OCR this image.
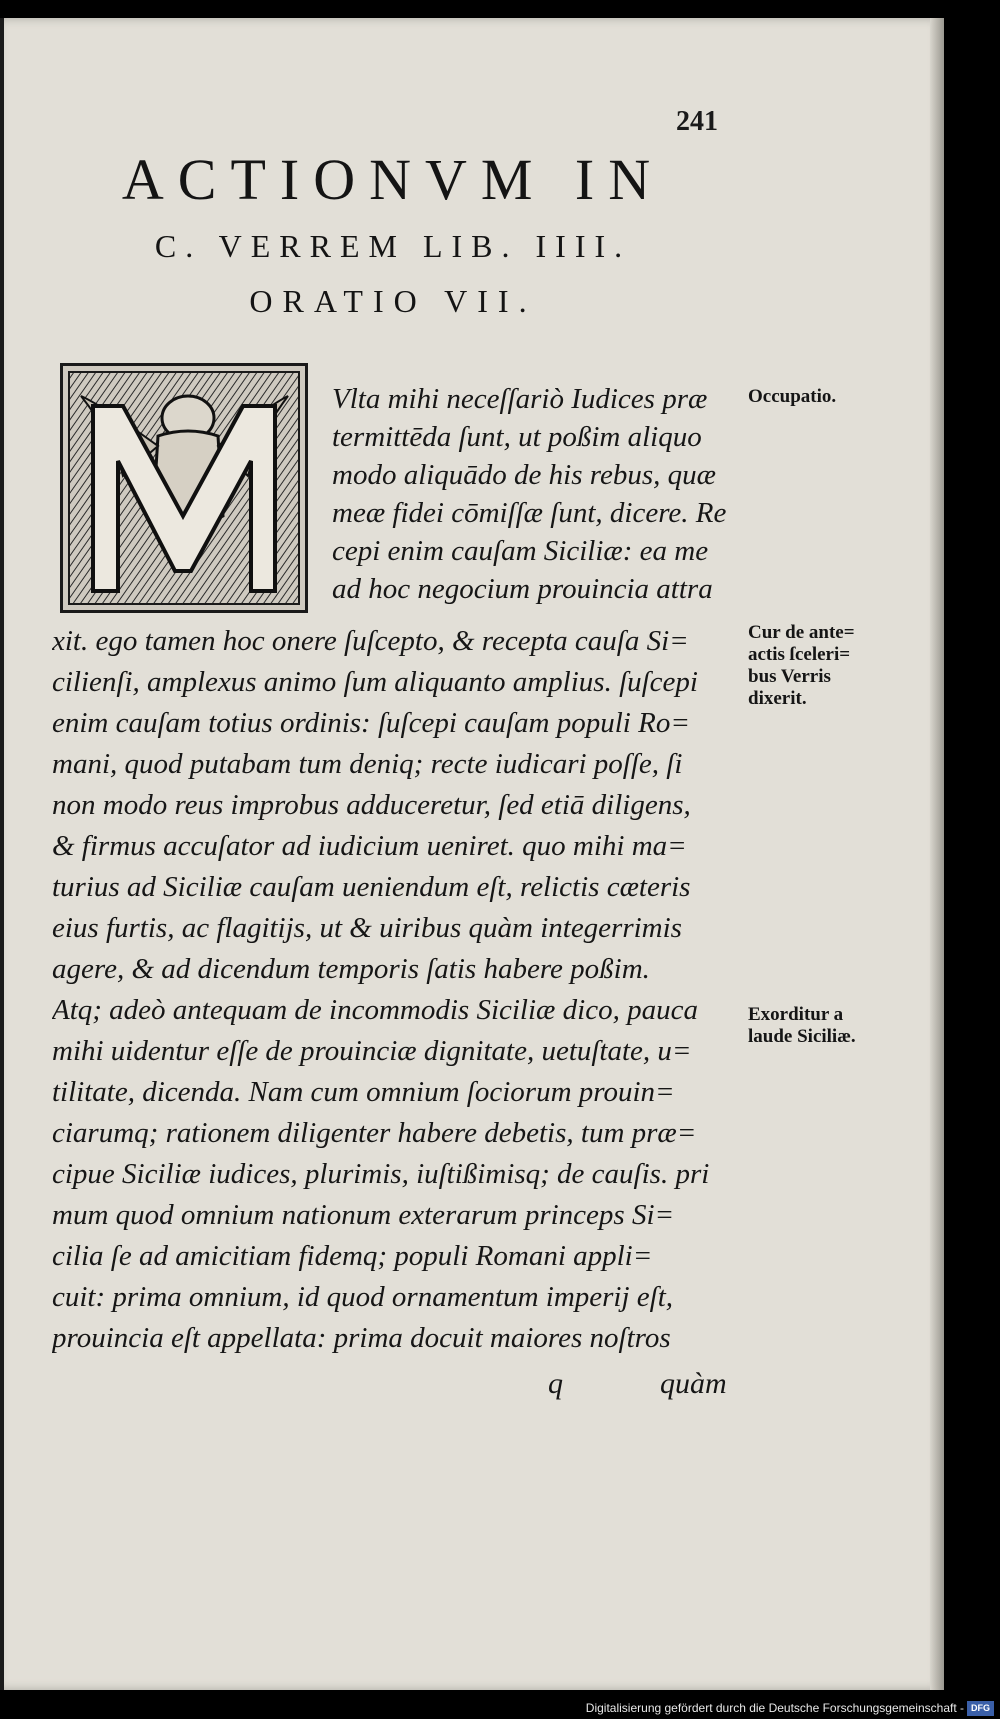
241
ACTIONVM IN
C. VERREM LIB. IIII.
ORATIO VII.
Vlta mihi neceſſariò Iudices præ
termittēda ſunt, ut poßim aliquo
modo aliquādo de his rebus, quæ
meæ fidei cōmiſſæ ſunt, dicere. Re
cepi enim cauſam Siciliæ: ea me
ad hoc negocium prouincia attra
xit. ego tamen hoc onere ſuſcepto, & recepta cauſa Si=
cilienſi, amplexus animo ſum aliquanto amplius. ſuſcepi
enim cauſam totius ordinis: ſuſcepi cauſam populi Ro=
mani, quod putabam tum deniq; recte iudicari poſſe, ſi
non modo reus improbus adduceretur, ſed etiā diligens,
& firmus accuſator ad iudicium ueniret. quo mihi ma=
turius ad Siciliæ cauſam ueniendum eſt, relictis cæteris
eius furtis, ac flagitijs, ut & uiribus quàm integerrimis
agere, & ad dicendum temporis ſatis habere poßim.
Atq; adeò antequam de incommodis Siciliæ dico, pauca
mihi uidentur eſſe de prouinciæ dignitate, uetuſtate, u=
tilitate, dicenda. Nam cum omnium ſociorum prouin=
ciarumq; rationem diligenter habere debetis, tum præ=
cipue Siciliæ iudices, plurimis, iuſtißimisq; de cauſis. pri
mum quod omnium nationum exterarum princeps Si=
cilia ſe ad amicitiam fidemq; populi Romani appli=
cuit: prima omnium, id quod ornamentum imperij eſt,
prouincia eſt appellata: prima docuit maiores noſtros
q	quàm
Occupatio.
Cur de ante=
actis ſceleri=
bus Verris
dixerit.
Exorditur a
laude Siciliæ.
Digitalisierung gefördert durch die Deutsche Forschungsgemeinschaft - DFG
